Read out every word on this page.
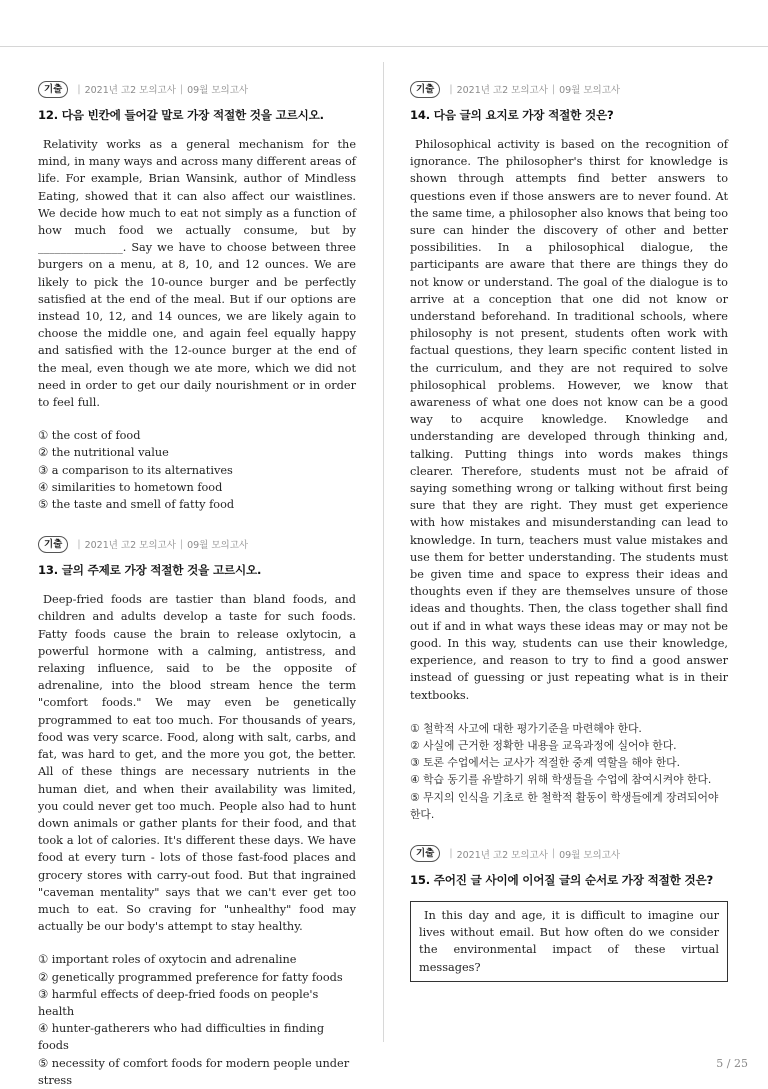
기출	| 2021년 고2 모의고사 | 09월 모의고사
12. 다음 빈칸에 들어갈 말로 가장 적절한 것을 고르시오.

Relativity works as a general mechanism for the mind, in many ways and across many different areas of life. For example, Brian Wansink, author of Mindless Eating, showed that it can also affect our waistlines. We decide how much to eat not simply as a function of how much food we actually consume, but by _______________. Say we have to choose between three burgers on a menu, at 8, 10, and 12 ounces. We are likely to pick the 10-ounce burger and be perfectly satisfied at the end of the meal. But if our options are instead 10, 12, and 14 ounces, we are likely again to choose the middle one, and again feel equally happy and satisfied with the 12-ounce burger at the end of the meal, even though we ate more, which we did not need in order to get our daily nourishment or in order to feel full.

① the cost of food
② the nutritional value
③ a comparison to its alternatives
④ similarities to hometown food
⑤ the taste and smell of fatty food
기출	| 2021년 고2 모의고사 | 09월 모의고사
13. 글의 주제로 가장 적절한 것을 고르시오.

Deep-fried foods are tastier than bland foods, and children and adults develop a taste for such foods. Fatty foods cause the brain to release oxlytocin, a powerful hormone with a calming, antistress, and relaxing influence, said to be the opposite of adrenaline, into the blood stream hence the term "comfort foods." We may even be genetically programmed to eat too much. For thousands of years, food was very scarce. Food, along with salt, carbs, and fat, was hard to get, and the more you got, the better. All of these things are necessary nutrients in the human diet, and when their availability was limited, you could never get too much. People also had to hunt down animals or gather plants for their food, and that took a lot of calories. It's different these days. We have food at every turn - lots of those fast-food places and grocery stores with carry-out food. But that ingrained "caveman mentality" says that we can't ever get too much to eat. So craving for "unhealthy" food may actually be our body's attempt to stay healthy.

① important roles of oxytocin and adrenaline
② genetically programmed preference for fatty foods
③ harmful effects of deep-fried foods on people's health
④ hunter-gatherers who had difficulties in finding foods
⑤ necessity of comfort foods for modern people under stress
기출	| 2021년 고2 모의고사 | 09월 모의고사
14. 다음 글의 요지로 가장 적절한 것은?

Philosophical activity is based on the recognition of ignorance. The philosopher's thirst for knowledge is shown through attempts find better answers to questions even if those answers are to never found. At the same time, a philosopher also knows that being too sure can hinder the discovery of other and better possibilities. In a philosophical dialogue, the participants are aware that there are things they do not know or understand. The goal of the dialogue is to arrive at a conception that one did not know or understand beforehand. In traditional schools, where philosophy is not present, students often work with factual questions, they learn specific content listed in the curriculum, and they are not required to solve philosophical problems. However, we know that awareness of what one does not know can be a good way to acquire knowledge. Knowledge and understanding are developed through thinking and, talking. Putting things into words makes things clearer. Therefore, students must not be afraid of saying something wrong or talking without first being sure that they are right. They must get experience with how mistakes and misunderstanding can lead to knowledge. In turn, teachers must value mistakes and use them for better understanding. The students must be given time and space to express their ideas and thoughts even if they are themselves unsure of those ideas and thoughts. Then, the class together shall find out if and in what ways these ideas may or may not be good. In this way, students can use their knowledge, experience, and reason to try to find a good answer instead of guessing or just repeating what is in their textbooks.

① 철학적 사고에 대한 평가기준을 마련해야 한다.
② 사실에 근거한 정확한 내용을 교육과정에 실어야 한다.
③ 토론 수업에서는 교사가 적절한 중계 역할을 해야 한다.
④ 학습 동기를 유발하기 위해 학생들을 수업에 참여시켜야 한다.
⑤ 무지의 인식을 기초로 한 철학적 활동이 학생들에게 장려되어야 한다.
기출	| 2021년 고2 모의고사 | 09월 모의고사
15. 주어진 글 사이에 이어질 글의 순서로 가장 적절한 것은?

In this day and age, it is difficult to imagine our lives without email. But how often do we consider the environmental impact of these virtual messages?

5 / 25
